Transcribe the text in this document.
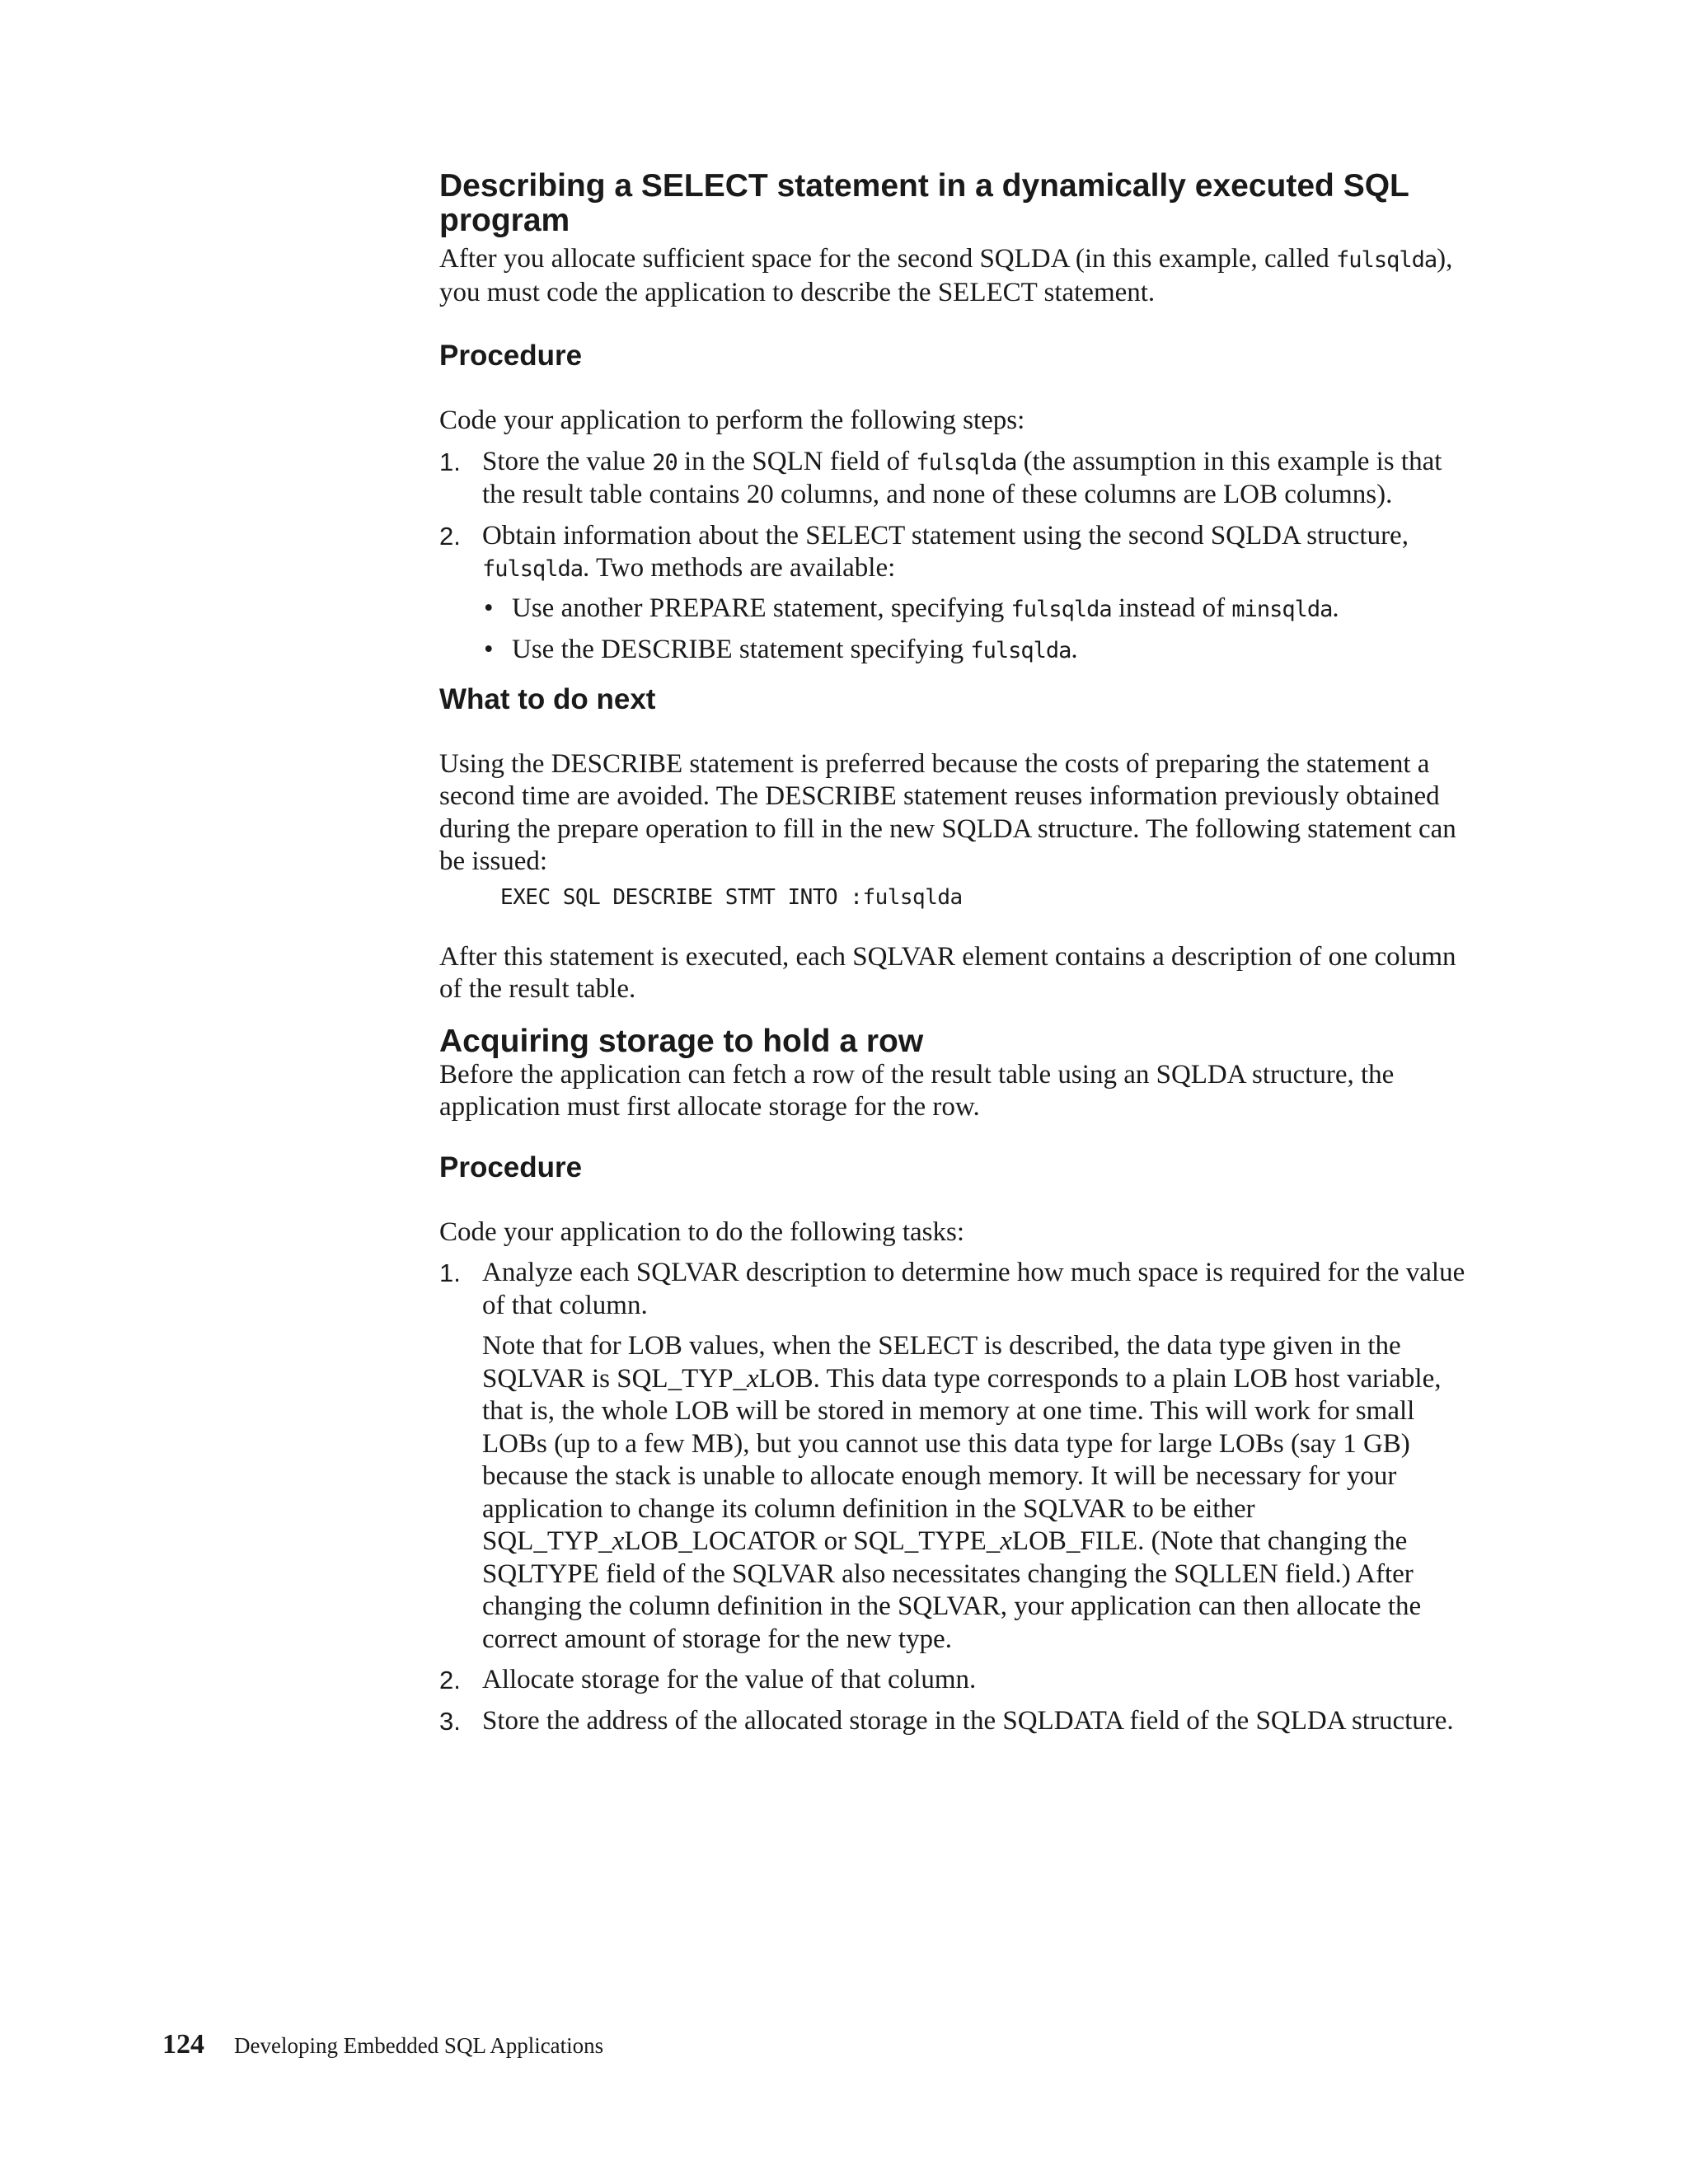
Describing a SELECT statement in a dynamically executed SQL program

After you allocate sufficient space for the second SQLDA (in this example, called fulsqlda), you must code the application to describe the SELECT statement.

Procedure

Code your application to perform the following steps:

1. Store the value 20 in the SQLN field of fulsqlda (the assumption in this example is that the result table contains 20 columns, and none of these columns are LOB columns).
2. Obtain information about the SELECT statement using the second SQLDA structure, fulsqlda. Two methods are available:
• Use another PREPARE statement, specifying fulsqlda instead of minsqlda.
• Use the DESCRIBE statement specifying fulsqlda.
What to do next

Using the DESCRIBE statement is preferred because the costs of preparing the statement a second time are avoided. The DESCRIBE statement reuses information previously obtained during the prepare operation to fill in the new SQLDA structure. The following statement can be issued:

EXEC SQL DESCRIBE STMT INTO :fulsqlda

After this statement is executed, each SQLVAR element contains a description of one column of the result table.

Acquiring storage to hold a row

Before the application can fetch a row of the result table using an SQLDA structure, the application must first allocate storage for the row.

Procedure

Code your application to do the following tasks:

1. Analyze each SQLVAR description to determine how much space is required for the value of that column.

Note that for LOB values, when the SELECT is described, the data type given in the SQLVAR is SQL_TYP_xLOB. This data type corresponds to a plain LOB host variable, that is, the whole LOB will be stored in memory at one time. This will work for small LOBs (up to a few MB), but you cannot use this data type for large LOBs (say 1 GB) because the stack is unable to allocate enough memory. It will be necessary for your application to change its column definition in the SQLVAR to be either SQL_TYP_xLOB_LOCATOR or SQL_TYPE_xLOB_FILE. (Note that changing the SQLTYPE field of the SQLVAR also necessitates changing the SQLLEN field.) After changing the column definition in the SQLVAR, your application can then allocate the correct amount of storage for the new type.

2. Allocate storage for the value of that column.
3. Store the address of the allocated storage in the SQLDATA field of the SQLDA structure.
124 Developing Embedded SQL Applications
